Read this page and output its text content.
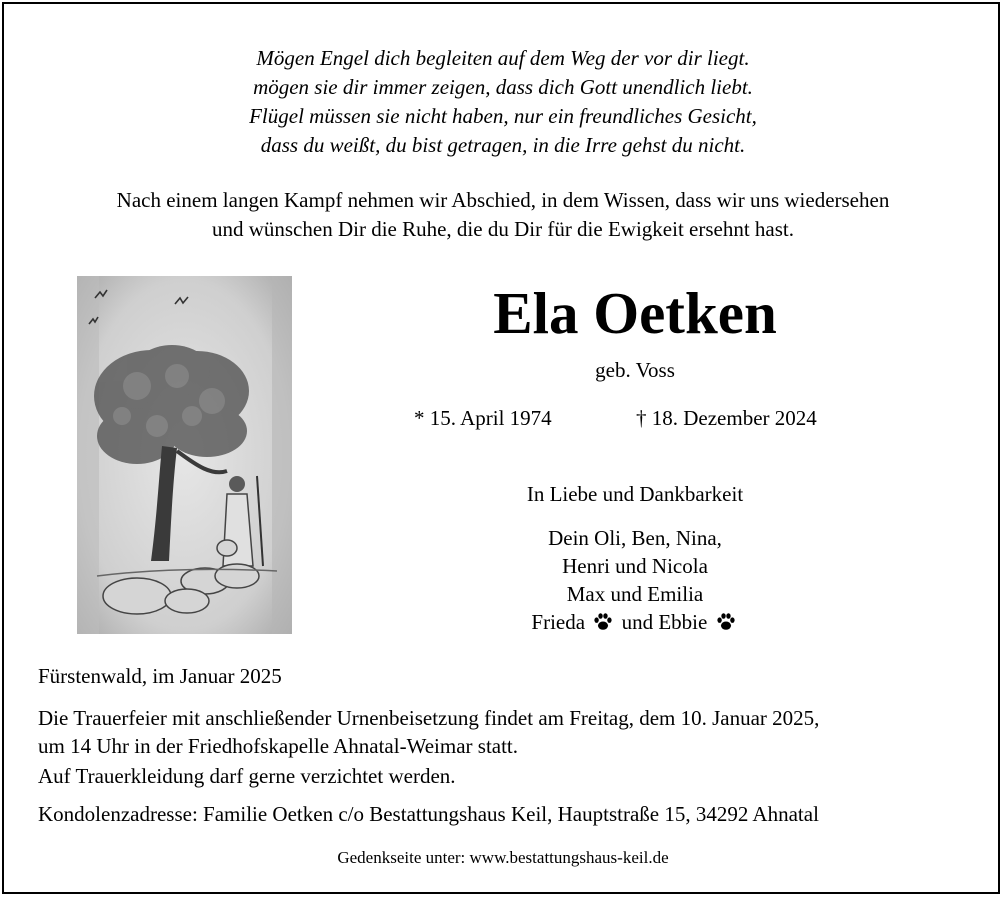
Mögen Engel dich begleiten auf dem Weg der vor dir liegt.
mögen sie dir immer zeigen, dass dich Gott unendlich liebt.
Flügel müssen sie nicht haben, nur ein freundliches Gesicht,
dass du weißt, du bist getragen, in die Irre gehst du nicht.
Nach einem langen Kampf nehmen wir Abschied, in dem Wissen, dass wir uns wiedersehen
und wünschen Dir die Ruhe, die du Dir für die Ewigkeit ersehnt hast.
Ela Oetken
geb. Voss
* 15. April 1974	† 18. Dezember 2024
In Liebe und Dankbarkeit
Dein Oli, Ben, Nina,
Henri und Nicola
Max und Emilia
Frieda und Ebbie
Fürstenwald, im Januar 2025
Die Trauerfeier mit anschließender Urnenbeisetzung findet am Freitag, dem 10. Januar 2025,
um 14 Uhr in der Friedhofskapelle Ahnatal-Weimar statt.
Auf Trauerkleidung darf gerne verzichtet werden.
Kondolenzadresse: Familie Oetken c/o Bestattungshaus Keil, Hauptstraße 15, 34292 Ahnatal
Gedenkseite unter: www.bestattungshaus-keil.de
